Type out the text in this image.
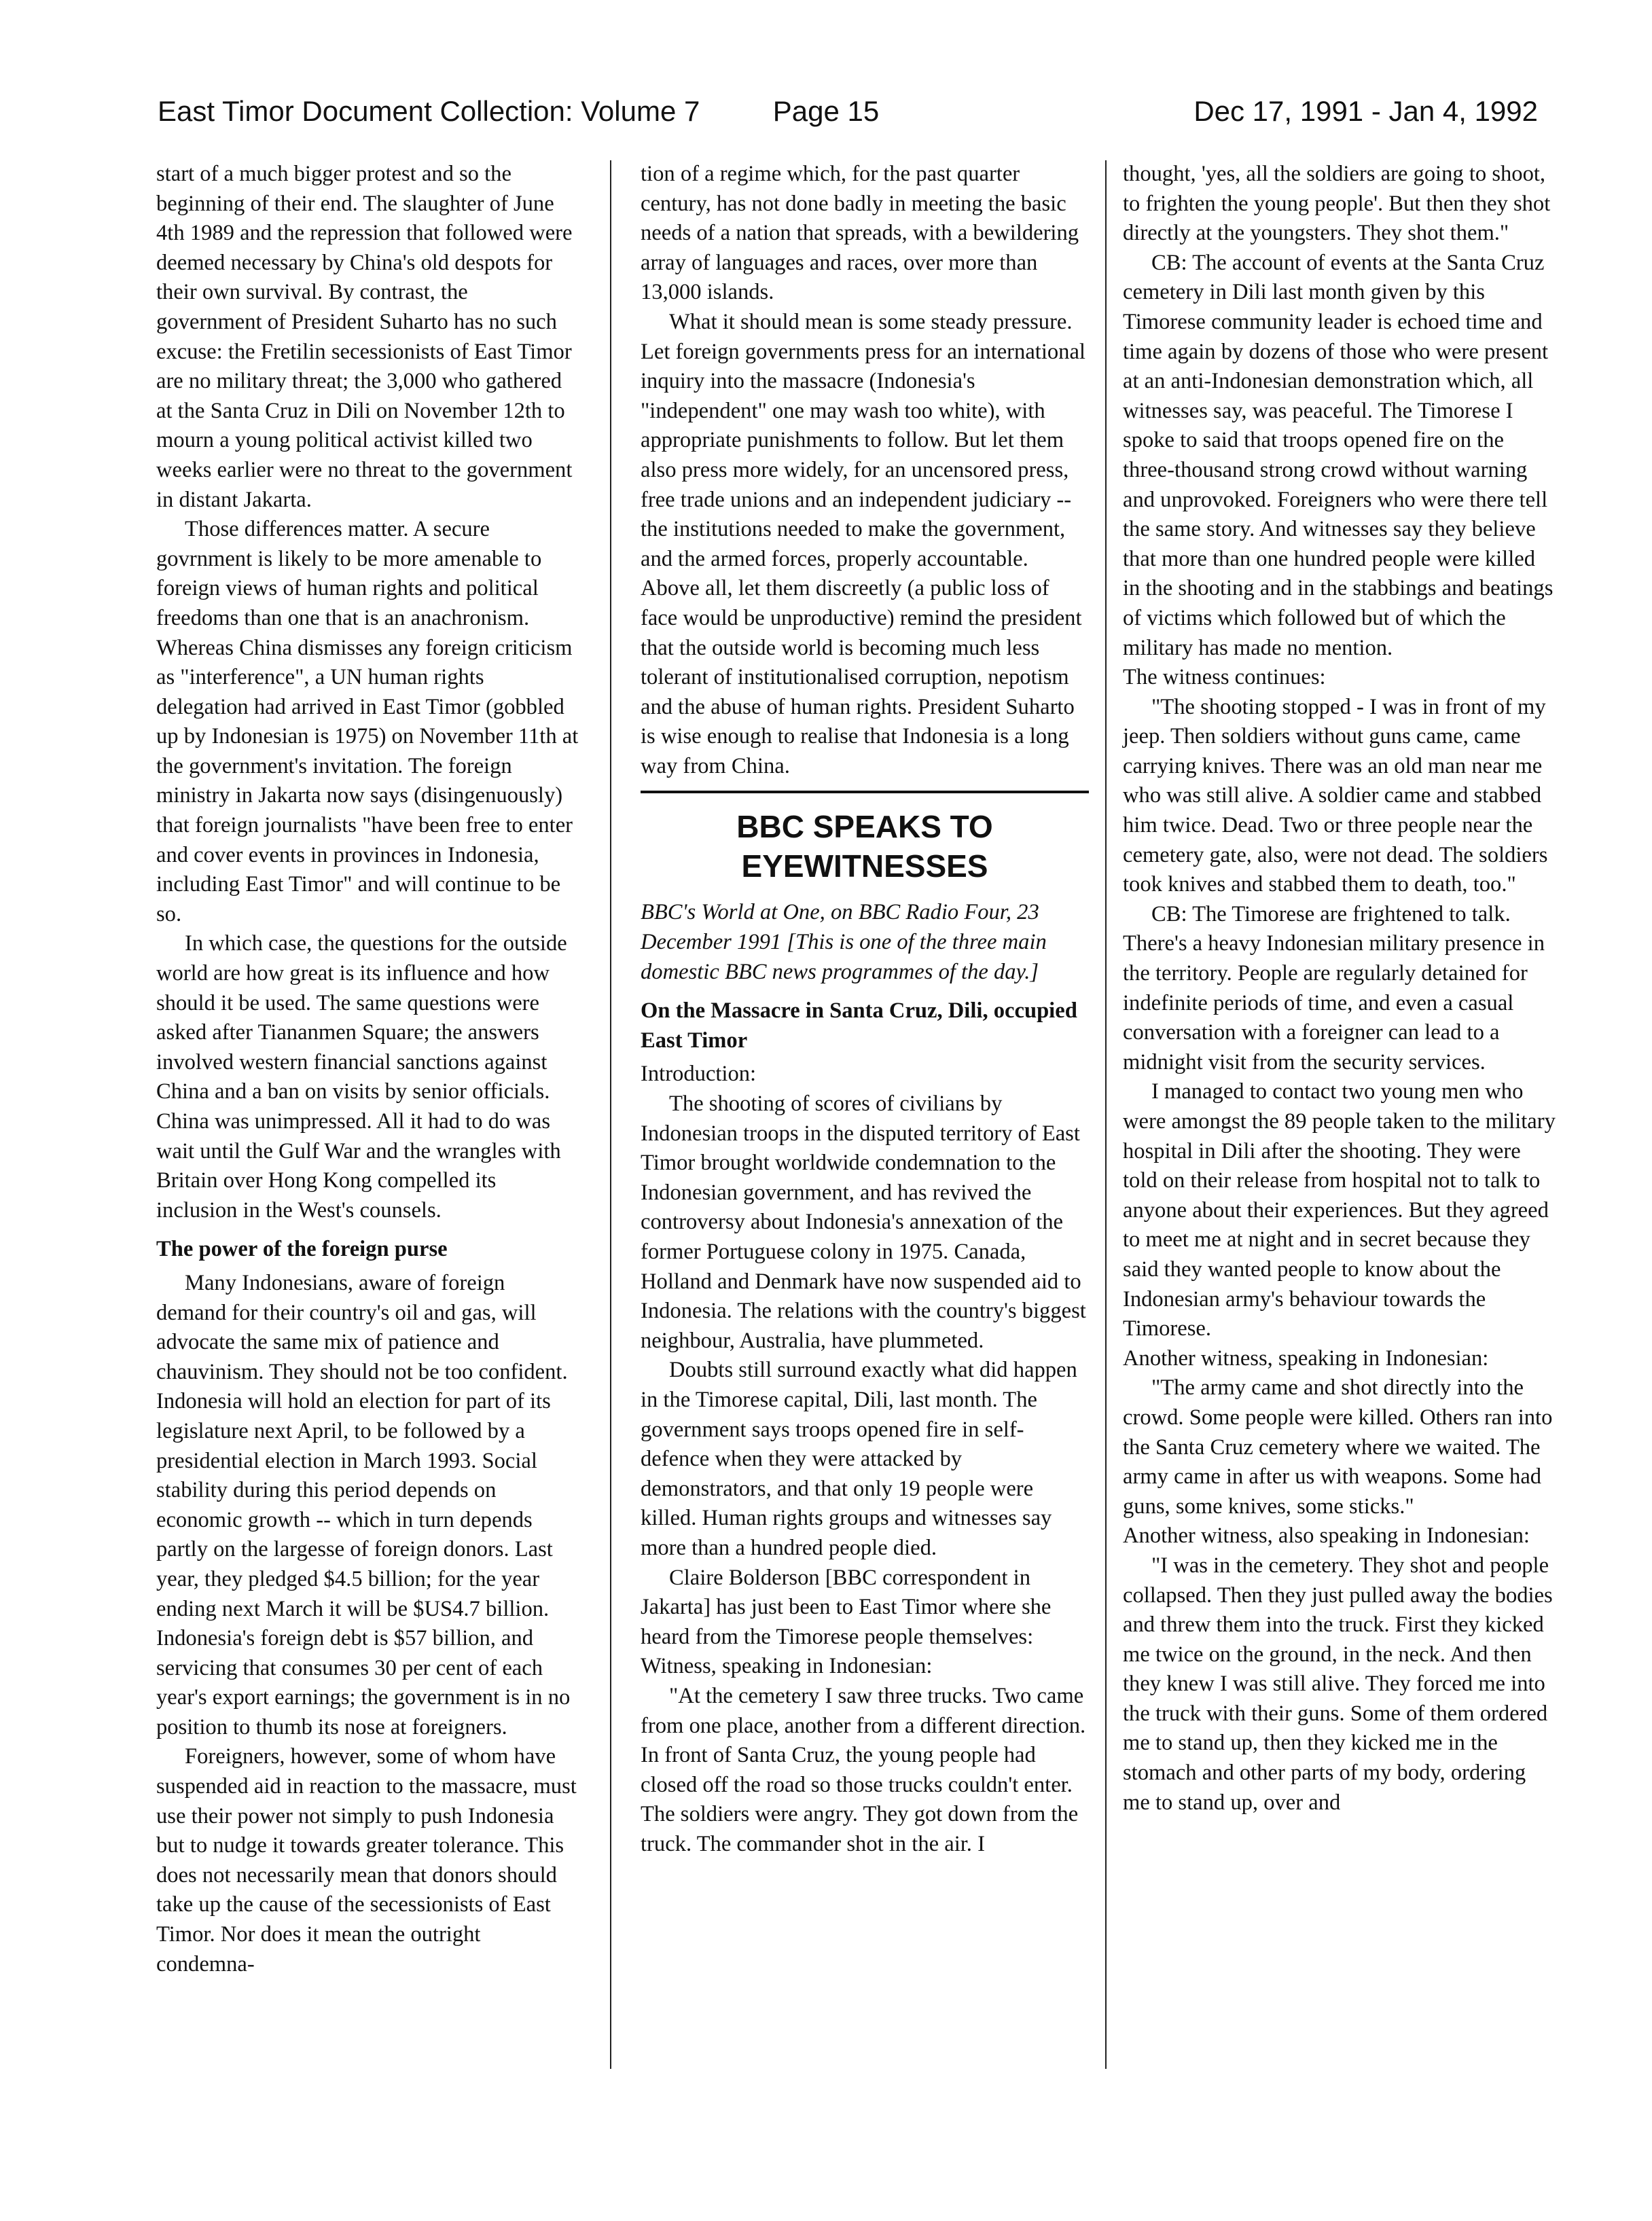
East Timor Document Collection: Volume 7	Page 15	Dec 17, 1991 - Jan 4, 1992

start of a much bigger protest and so the beginning of their end. The slaughter of June 4th 1989 and the repression that followed were deemed necessary by China's old despots for their own survival. By contrast, the government of President Suharto has no such excuse: the Fretilin secessionists of East Timor are no military threat; the 3,000 who gathered at the Santa Cruz in Dili on November 12th to mourn a young political activist killed two weeks earlier were no threat to the government in distant Jakarta.

Those differences matter. A secure govrnment is likely to be more amenable to foreign views of human rights and political freedoms than one that is an anachronism. Whereas China dismisses any foreign criticism as "interference", a UN human rights delegation had arrived in East Timor (gobbled up by Indonesian is 1975) on November 11th at the government's invitation. The foreign ministry in Jakarta now says (disingenuously) that foreign journalists "have been free to enter and cover events in provinces in Indonesia, including East Timor" and will continue to be so.

In which case, the questions for the outside world are how great is its influence and how should it be used. The same questions were asked after Tiananmen Square; the answers involved western financial sanctions against China and a ban on visits by senior officials. China was unimpressed. All it had to do was wait until the Gulf War and the wrangles with Britain over Hong Kong compelled its inclusion in the West's counsels.

The power of the foreign purse

Many Indonesians, aware of foreign demand for their country's oil and gas, will advocate the same mix of patience and chauvinism. They should not be too confident. Indonesia will hold an election for part of its legislature next April, to be followed by a presidential election in March 1993. Social stability during this period depends on economic growth -- which in turn depends partly on the largesse of foreign donors. Last year, they pledged $4.5 billion; for the year ending next March it will be $US4.7 billion. Indonesia's foreign debt is $57 billion, and servicing that consumes 30 per cent of each year's export earnings; the government is in no position to thumb its nose at foreigners.

Foreigners, however, some of whom have suspended aid in reaction to the massacre, must use their power not simply to push Indonesia but to nudge it towards greater tolerance. This does not necessarily mean that donors should take up the cause of the secessionists of East Timor. Nor does it mean the outright condemna-

tion of a regime which, for the past quarter century, has not done badly in meeting the basic needs of a nation that spreads, with a bewildering array of languages and races, over more than 13,000 islands.

What it should mean is some steady pressure. Let foreign governments press for an international inquiry into the massacre (Indonesia's "independent" one may wash too white), with appropriate punishments to follow. But let them also press more widely, for an uncensored press, free trade unions and an independent judiciary -- the institutions needed to make the government, and the armed forces, properly accountable. Above all, let them discreetly (a public loss of face would be unproductive) remind the president that the outside world is becoming much less tolerant of institutionalised corruption, nepotism and the abuse of human rights. President Suharto is wise enough to realise that Indonesia is a long way from China.

BBC SPEAKS TO EYEWITNESSES

BBC's World at One, on BBC Radio Four, 23 December 1991 [This is one of the three main domestic BBC news programmes of the day.]

On the Massacre in Santa Cruz, Dili, occupied East Timor

Introduction:

The shooting of scores of civilians by Indonesian troops in the disputed territory of East Timor brought worldwide condemnation to the Indonesian government, and has revived the controversy about Indonesia's annexation of the former Portuguese colony in 1975. Canada, Holland and Denmark have now suspended aid to Indonesia. The relations with the country's biggest neighbour, Australia, have plummeted.

Doubts still surround exactly what did happen in the Timorese capital, Dili, last month. The government says troops opened fire in self-defence when they were attacked by demonstrators, and that only 19 people were killed. Human rights groups and witnesses say more than a hundred people died.

Claire Bolderson [BBC correspondent in Jakarta] has just been to East Timor where she heard from the Timorese people themselves:

Witness, speaking in Indonesian:

"At the cemetery I saw three trucks. Two came from one place, another from a different direction. In front of Santa Cruz, the young people had closed off the road so those trucks couldn't enter. The soldiers were angry. They got down from the truck. The commander shot in the air. I

thought, 'yes, all the soldiers are going to shoot, to frighten the young people'. But then they shot directly at the youngsters. They shot them."

CB: The account of events at the Santa Cruz cemetery in Dili last month given by this Timorese community leader is echoed time and time again by dozens of those who were present at an anti-Indonesian demonstration which, all witnesses say, was peaceful. The Timorese I spoke to said that troops opened fire on the three-thousand strong crowd without warning and unprovoked. Foreigners who were there tell the same story. And witnesses say they believe that more than one hundred people were killed in the shooting and in the stabbings and beatings of victims which followed but of which the military has made no mention.

The witness continues:

"The shooting stopped - I was in front of my jeep. Then soldiers without guns came, came carrying knives. There was an old man near me who was still alive. A soldier came and stabbed him twice. Dead. Two or three people near the cemetery gate, also, were not dead. The soldiers took knives and stabbed them to death, too."

CB: The Timorese are frightened to talk. There's a heavy Indonesian military presence in the territory. People are regularly detained for indefinite periods of time, and even a casual conversation with a foreigner can lead to a midnight visit from the security services.

I managed to contact two young men who were amongst the 89 people taken to the military hospital in Dili after the shooting. They were told on their release from hospital not to talk to anyone about their experiences. But they agreed to meet me at night and in secret because they said they wanted people to know about the Indonesian army's behaviour towards the Timorese.

Another witness, speaking in Indonesian:

"The army came and shot directly into the crowd. Some people were killed. Others ran into the Santa Cruz cemetery where we waited. The army came in after us with weapons. Some had guns, some knives, some sticks."

Another witness, also speaking in Indonesian:

"I was in the cemetery. They shot and people collapsed. Then they just pulled away the bodies and threw them into the truck. First they kicked me twice on the ground, in the neck. And then they knew I was still alive. They forced me into the truck with their guns. Some of them ordered me to stand up, then they kicked me in the stomach and other parts of my body, ordering me to stand up, over and
